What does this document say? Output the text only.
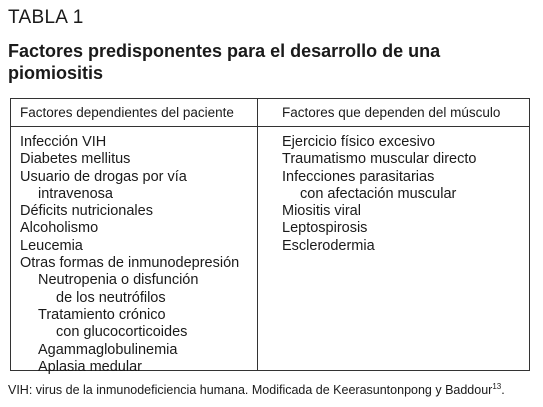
TABLA 1
Factores predisponentes para el desarrollo de una piomiositis
Factores dependientes del paciente	Factores que dependen del músculo
Infección VIH
Diabetes mellitus
Usuario de drogas por vía
intravenosa
Déficits nutricionales
Alcoholismo
Leucemia
Otras formas de inmunodepresión
Neutropenia o disfunción
de los neutrófilos
Tratamiento crónico
con glucocorticoides
Agammaglobulinemia
Aplasia medular
Ejercicio físico excesivo
Traumatismo muscular directo
Infecciones parasitarias
con afectación muscular
Miositis viral
Leptospirosis
Esclerodermia
VIH: virus de la inmunodeficiencia humana. Modificada de Keerasuntonpong y Baddour$^{13}$.
